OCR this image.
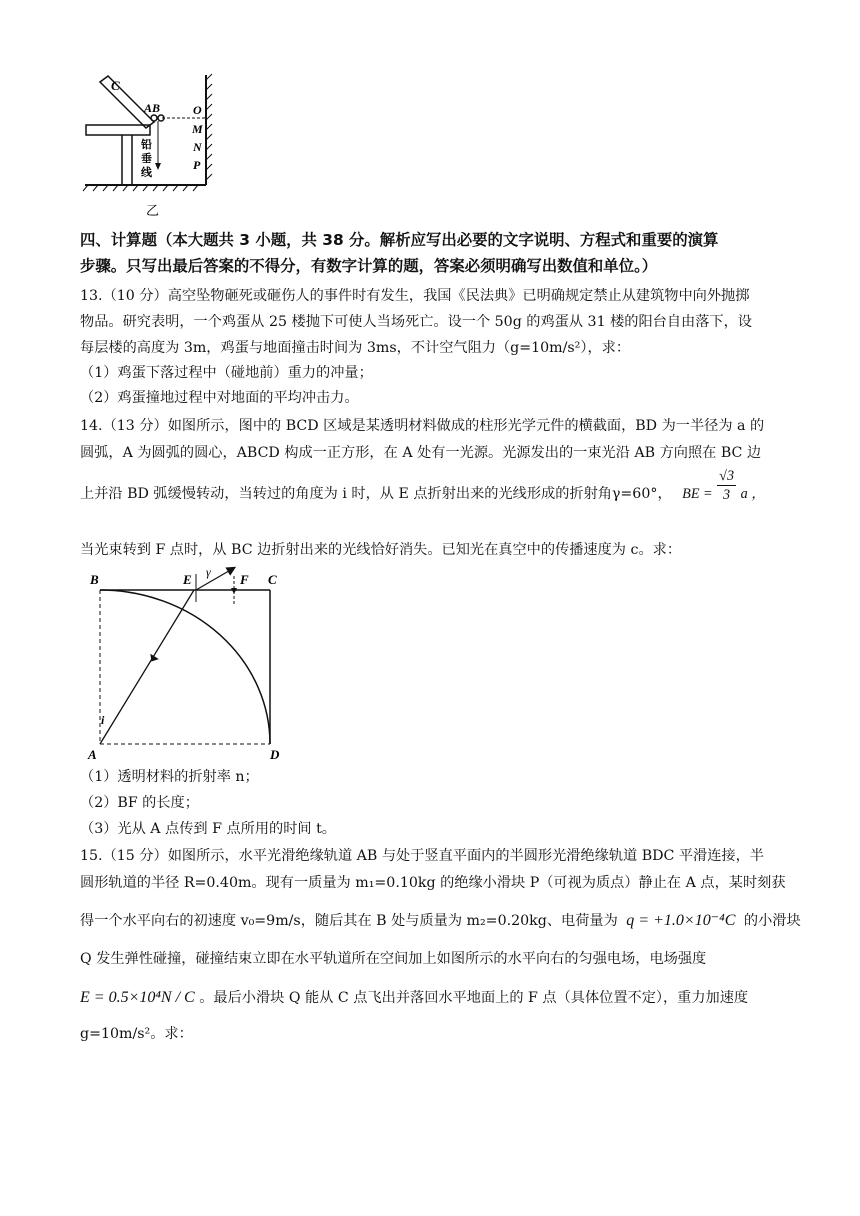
C
AB	O
M
N
P
铅
垂
线
乙
四、计算题（本大题共 3 小题，共 38 分。解析应写出必要的文字说明、方程式和重要的演算
步骤。只写出最后答案的不得分，有数字计算的题，答案必须明确写出数值和单位。）
13.（10 分）高空坠物砸死或砸伤人的事件时有发生，我国《民法典》已明确规定禁止从建筑物中向外抛掷
物品。研究表明，一个鸡蛋从 25 楼抛下可使人当场死亡。设一个 50g 的鸡蛋从 31 楼的阳台自由落下，设
每层楼的高度为 3m，鸡蛋与地面撞击时间为 3ms，不计空气阻力（g=10m/s²），求：
（1）鸡蛋下落过程中（碰地前）重力的冲量；
（2）鸡蛋撞地过程中对地面的平均冲击力。
14.（13 分）如图所示，图中的 BCD 区域是某透明材料做成的柱形光学元件的横截面，BD 为一半径为 a 的
圆弧，A 为圆弧的圆心，ABCD 构成一正方形，在 A 处有一光源。光源发出的一束光沿 AB 方向照在 BC 边
上并沿 BD 弧缓慢转动，当转过的角度为 i 时，从 E 点折射出来的光线形成的折射角γ=60°， BE = $\frac{√3}{3}$ a ，
当光束转到 F 点时，从 BC 边折射出来的光线恰好消失。已知光在真空中的传播速度为 c。求：
B	E γ F C
i
A	D
（1）透明材料的折射率 n；
（2）BF 的长度；
（3）光从 A 点传到 F 点所用的时间 t。
15.（15 分）如图所示，水平光滑绝缘轨道 AB 与处于竖直平面内的半圆形光滑绝缘轨道 BDC 平滑连接，半
圆形轨道的半径 R=0.40m。现有一质量为 m₁=0.10kg 的绝缘小滑块 P（可视为质点）静止在 A 点，某时刻获
得一个水平向右的初速度 v₀=9m/s，随后其在 B 处与质量为 m₂=0.20kg、电荷量为 q = +1.0×10⁻⁴C 的小滑块
Q 发生弹性碰撞，碰撞结束立即在水平轨道所在空间加上如图所示的水平向右的匀强电场，电场强度
E = 0.5×10⁴N / C 。最后小滑块 Q 能从 C 点飞出并落回水平地面上的 F 点（具体位置不定），重力加速度
g=10m/s²。求：
